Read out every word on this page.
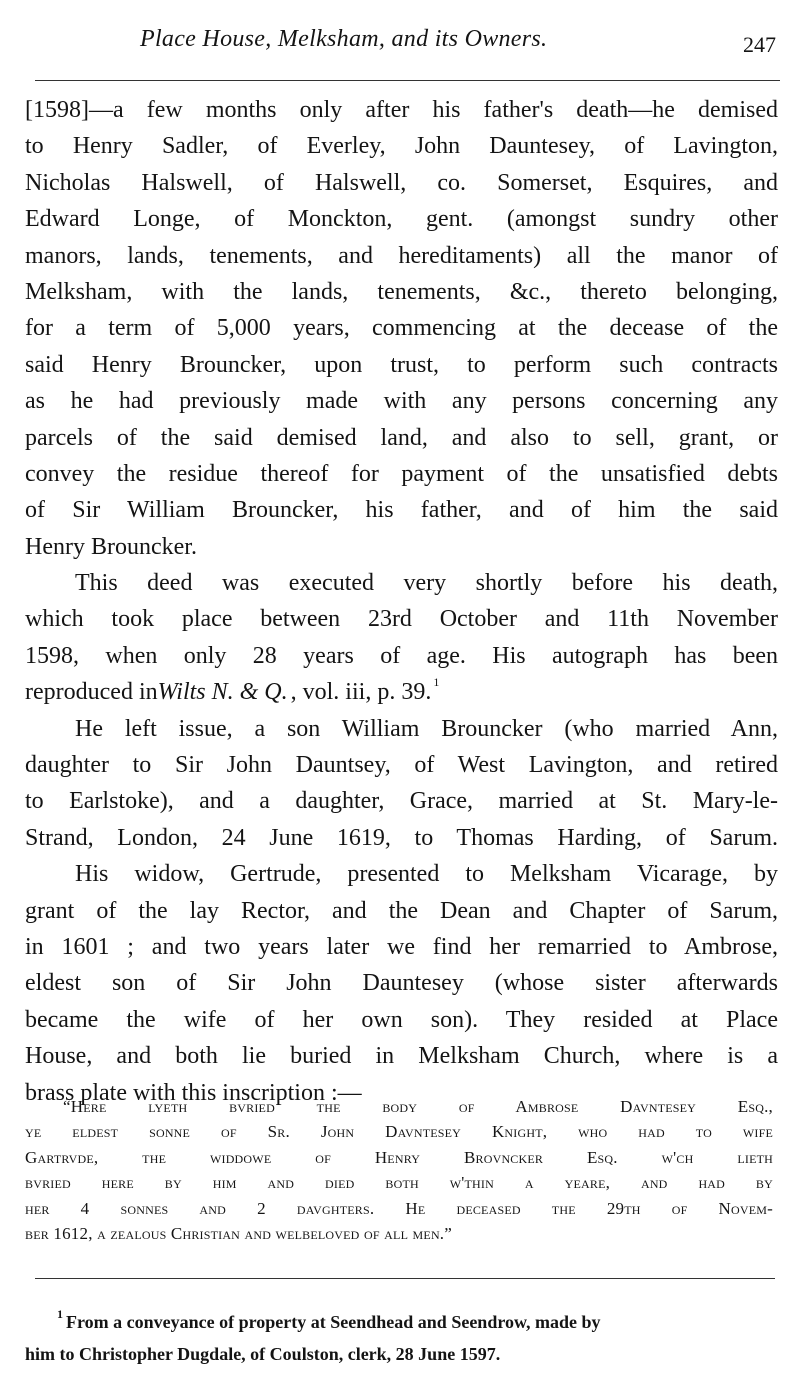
Place House, Melksham, and its Owners.	247
[1598]—a few months only after his father's death—he demised
to Henry Sadler, of Everley, John Dauntesey, of Lavington,
Nicholas Halswell, of Halswell, co. Somerset, Esquires, and
Edward Longe, of Monckton, gent. (amongst sundry other
manors, lands, tenements, and hereditaments) all the manor of
Melksham, with the lands, tenements, &c., thereto belonging,
for a term of 5,000 years, commencing at the decease of the
said Henry Brouncker, upon trust, to perform such contracts
as he had previously made with any persons concerning any
parcels of the said demised land, and also to sell, grant, or
convey the residue thereof for payment of the unsatisfied debts
of Sir William Brouncker, his father, and of him the said
Henry Brouncker.
This deed was executed very shortly before his death,
which took place between 23rd October and 11th November
1598, when only 28 years of age. His autograph has been
reproduced inWilts N. & Q. , vol. iii, p. 39. 1
He left issue, a son William Brouncker (who married Ann,
daughter to Sir John Dauntsey, of West Lavington, and retired
to Earlstoke), and a daughter, Grace, married at St. Mary-le-
Strand, London, 24 June 1619, to Thomas Harding, of Sarum.
His widow, Gertrude, presented to Melksham Vicarage, by
grant of the lay Rector, and the Dean and Chapter of Sarum,
in 1601 ; and two years later we find her remarried to Ambrose,
eldest son of Sir John Dauntesey (whose sister afterwards
became the wife of her own son). They resided at Place
House, and both lie buried in Melksham Church, where is a
brass plate with this inscription :—
“Here lyeth bvried the body of Ambrose Davntesey Esq.,
ye eldest sonne of Sr. John Davntesey Knight, who had to wife
Gartrvde, the widdowe of Henry Brovncker Esq. w'ch lieth
bvried here by him and died both w'thin a yeare, and had by
her 4 sonnes and 2 davghters. He deceased the 29th of Novem-
ber 1612, a zealous Christian and welbeloved of all men.”
1 From a conveyance of property at Seendhead and Seendrow, made by
him to Christopher Dugdale, of Coulston, clerk, 28 June 1597.
